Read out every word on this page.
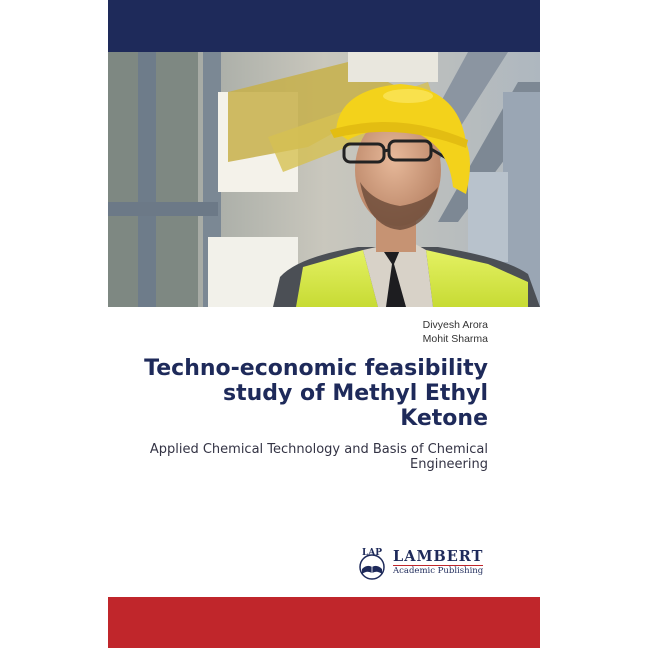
Divyesh Arora
Mohit Sharma
Techno-economic feasibility
study of Methyl Ethyl
Ketone

Applied Chemical Technology and Basis of Chemical
Engineering

LAP LAMBERT
Academic Publishing
